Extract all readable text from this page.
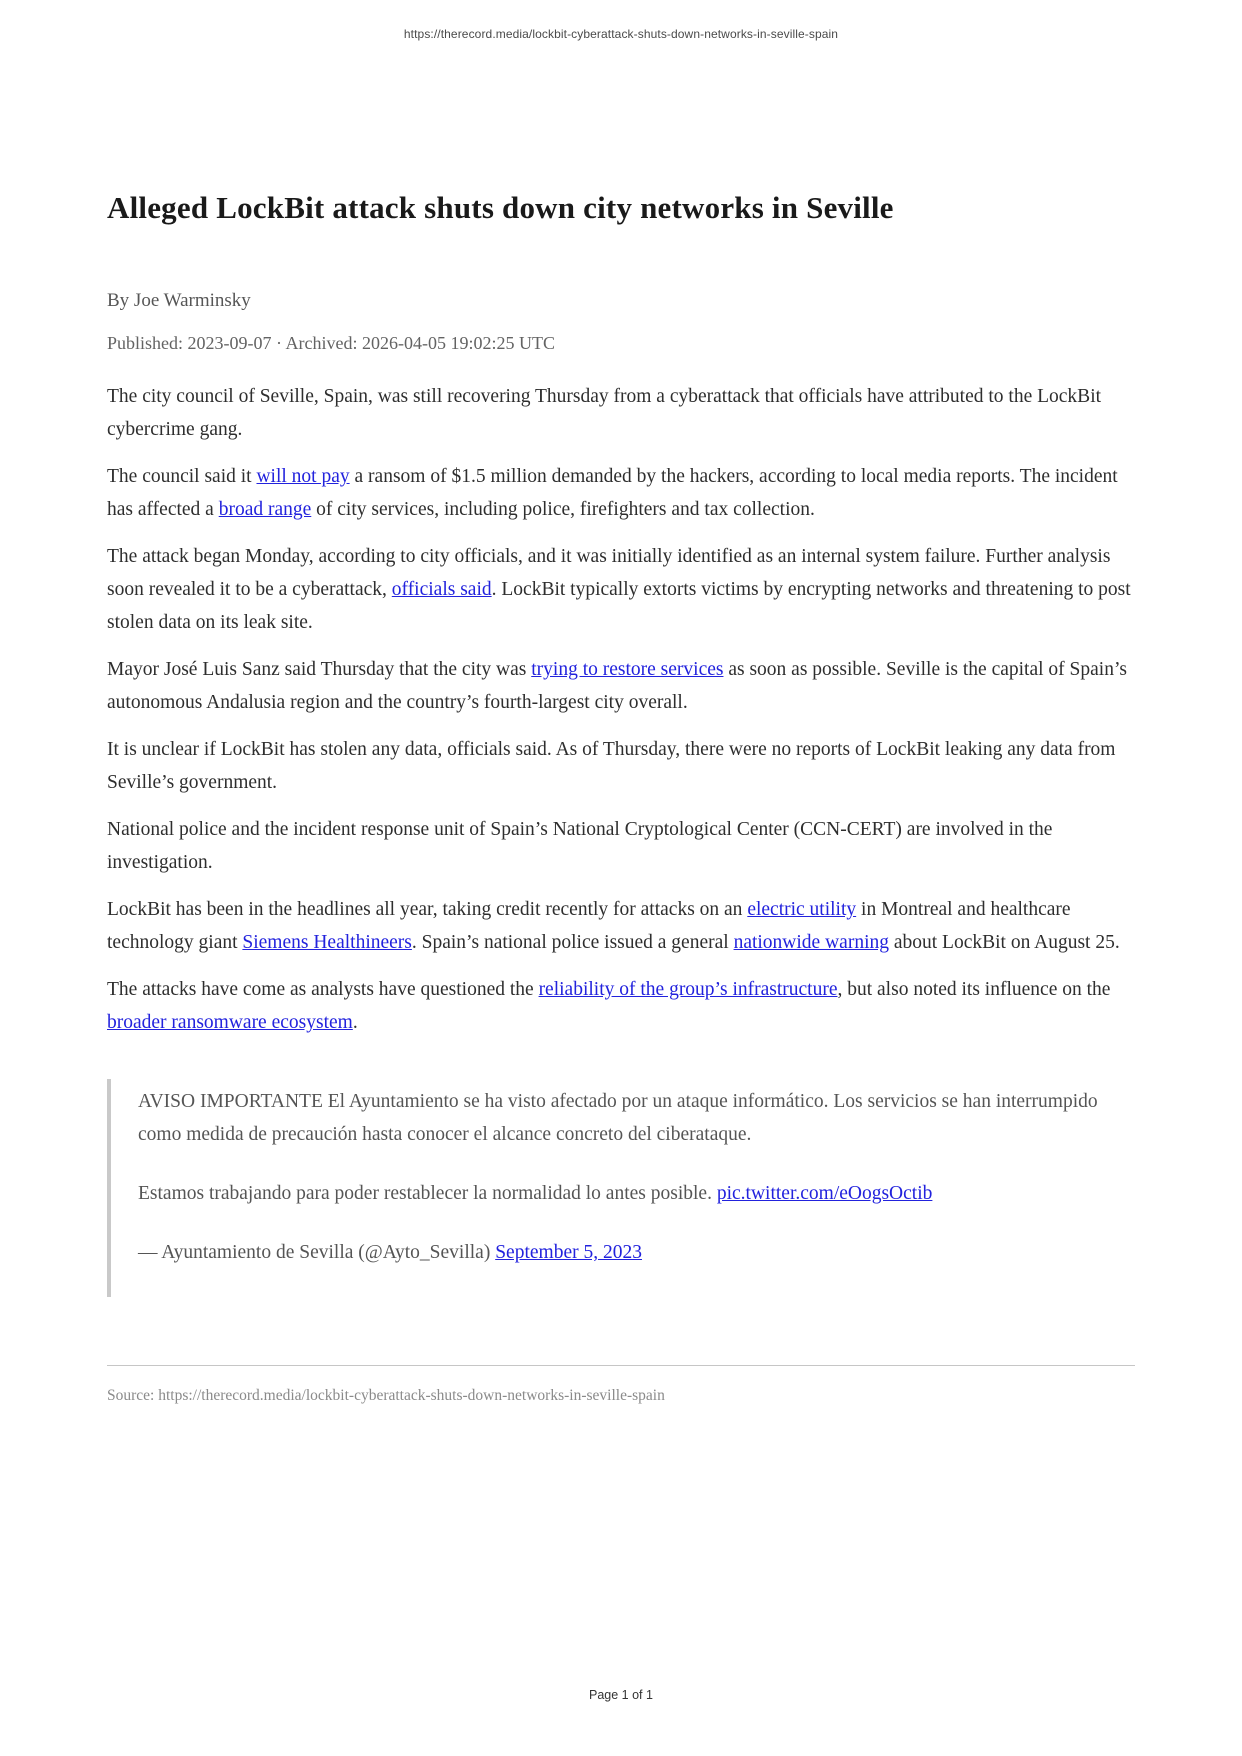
https://therecord.media/lockbit-cyberattack-shuts-down-networks-in-seville-spain
Alleged LockBit attack shuts down city networks in Seville
By Joe Warminsky
Published: 2023-09-07 · Archived: 2026-04-05 19:02:25 UTC

The city council of Seville, Spain, was still recovering Thursday from a cyberattack that officials have attributed to the LockBit cybercrime gang.

The council said it will not pay a ransom of $1.5 million demanded by the hackers, according to local media reports. The incident has affected a broad range of city services, including police, firefighters and tax collection.

The attack began Monday, according to city officials, and it was initially identified as an internal system failure. Further analysis soon revealed it to be a cyberattack, officials said. LockBit typically extorts victims by encrypting networks and threatening to post stolen data on its leak site.

Mayor José Luis Sanz said Thursday that the city was trying to restore services as soon as possible. Seville is the capital of Spain’s autonomous Andalusia region and the country’s fourth-largest city overall.

It is unclear if LockBit has stolen any data, officials said. As of Thursday, there were no reports of LockBit leaking any data from Seville’s government.

National police and the incident response unit of Spain’s National Cryptological Center (CCN-CERT) are involved in the investigation.

LockBit has been in the headlines all year, taking credit recently for attacks on an electric utility in Montreal and healthcare technology giant Siemens Healthineers. Spain’s national police issued a general nationwide warning about LockBit on August 25.

The attacks have come as analysts have questioned the reliability of the group’s infrastructure, but also noted its influence on the broader ransomware ecosystem.

AVISO IMPORTANTE El Ayuntamiento se ha visto afectado por un ataque informático. Los servicios se han interrumpido como medida de precaución hasta conocer el alcance concreto del ciberataque.

Estamos trabajando para poder restablecer la normalidad lo antes posible. pic.twitter.com/eOogsOctib

— Ayuntamiento de Sevilla (@Ayto_Sevilla) September 5, 2023

Source: https://therecord.media/lockbit-cyberattack-shuts-down-networks-in-seville-spain
Page 1 of 1
